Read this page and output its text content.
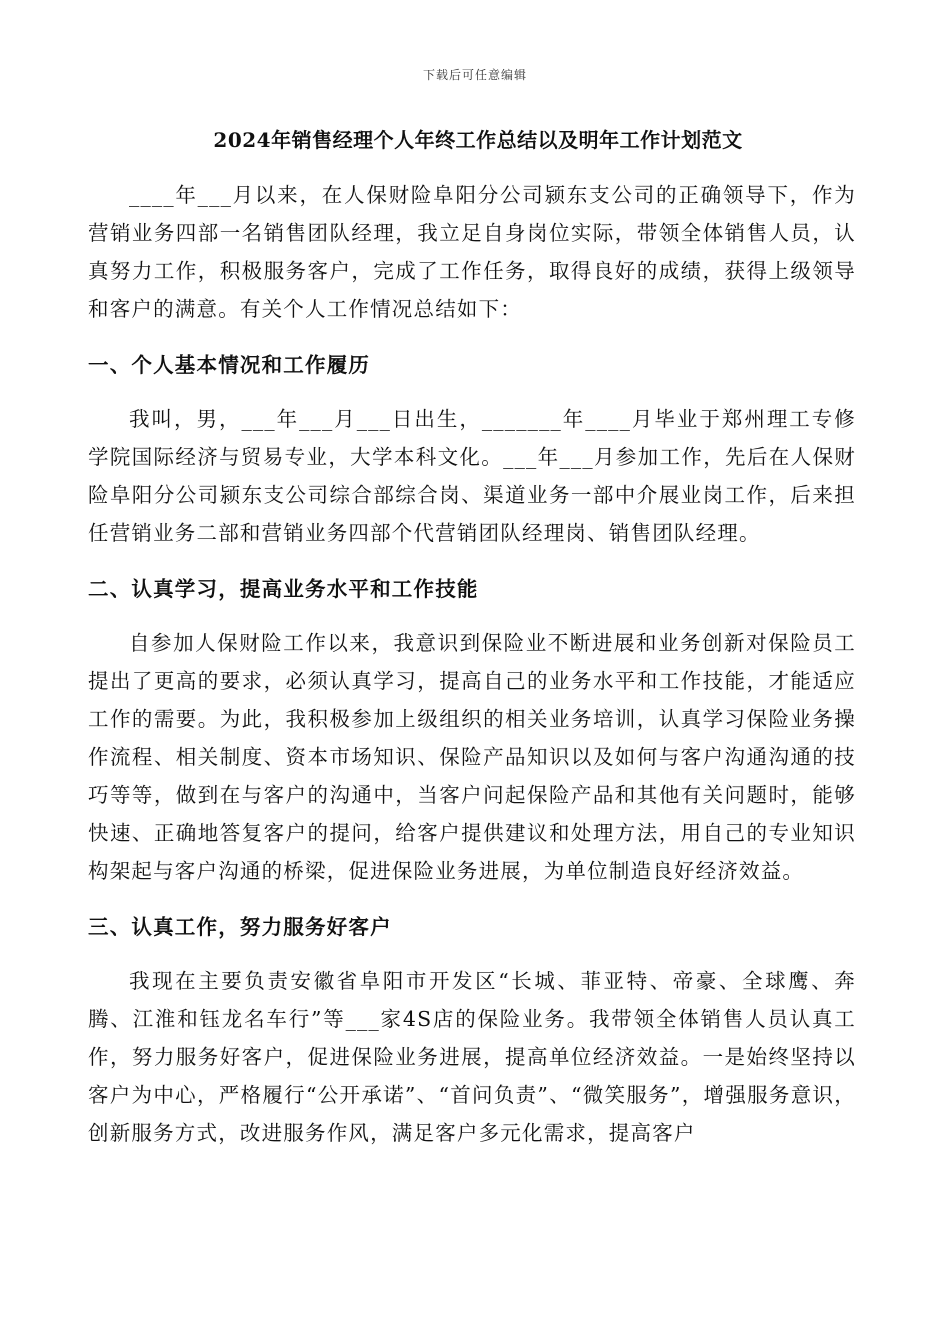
下载后可任意编辑
2024年销售经理个人年终工作总结以及明年工作计划范文

____年___月以来，在人保财险阜阳分公司颍东支公司的正确领导下，作为营销业务四部一名销售团队经理，我立足自身岗位实际，带领全体销售人员，认真努力工作，积极服务客户，完成了工作任务，取得良好的成绩，获得上级领导和客户的满意。有关个人工作情况总结如下：

一、个人基本情况和工作履历

我叫，男，___年___月___日出生，_______年____月毕业于郑州理工专修学院国际经济与贸易专业，大学本科文化。___年___月参加工作，先后在人保财险阜阳分公司颍东支公司综合部综合岗、渠道业务一部中介展业岗工作，后来担任营销业务二部和营销业务四部个代营销团队经理岗、销售团队经理。

二、认真学习，提高业务水平和工作技能

自参加人保财险工作以来，我意识到保险业不断进展和业务创新对保险员工提出了更高的要求，必须认真学习，提高自己的业务水平和工作技能，才能适应工作的需要。为此，我积极参加上级组织的相关业务培训，认真学习保险业务操作流程、相关制度、资本市场知识、保险产品知识以及如何与客户沟通沟通的技巧等等，做到在与客户的沟通中，当客户问起保险产品和其他有关问题时，能够快速、正确地答复客户的提问，给客户提供建议和处理方法，用自己的专业知识构架起与客户沟通的桥梁，促进保险业务进展，为单位制造良好经济效益。

三、认真工作，努力服务好客户

我现在主要负责安徽省阜阳市开发区“长城、菲亚特、帝豪、全球鹰、奔腾、江淮和钰龙名车行”等___家4S店的保险业务。我带领全体销售人员认真工作，努力服务好客户，促进保险业务进展，提高单位经济效益。一是始终坚持以客户为中心，严格履行“公开承诺”、“首问负责”、“微笑服务”，增强服务意识，创新服务方式，改进服务作风，满足客户多元化需求，提高客户
